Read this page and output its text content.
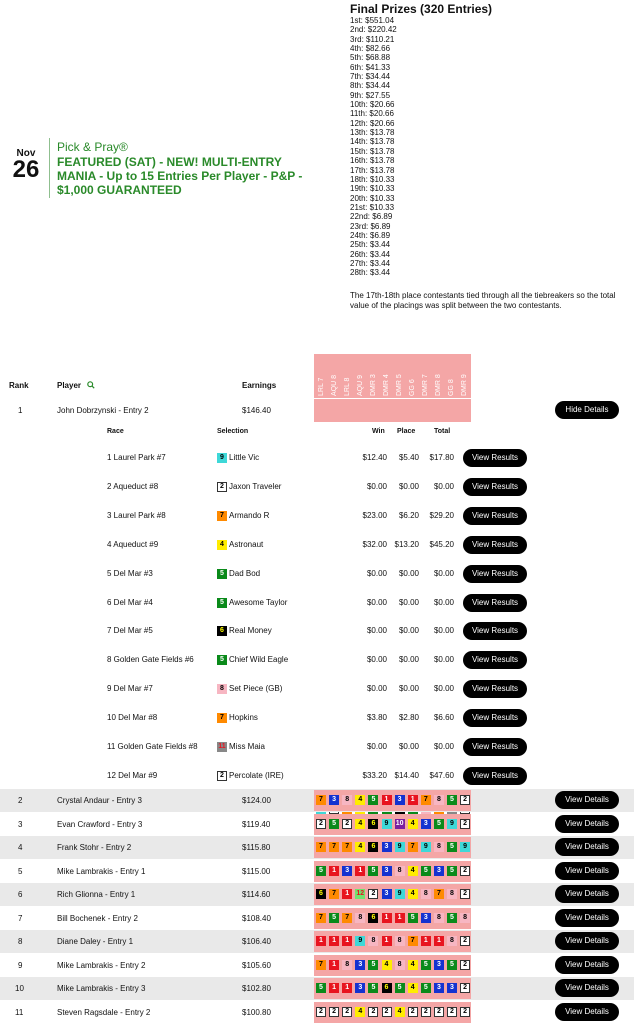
Nov
26
Pick & Pray®
FEATURED (SAT) - NEW! MULTI-ENTRY MANIA - Up to 15 Entries Per Player - P&P - $1,000 GUARANTEED
Final Prizes (320 Entries)
1st: $551.04
2nd: $220.42
3rd: $110.21
4th: $82.66
5th: $68.88
6th: $41.33
7th: $34.44
8th: $34.44
9th: $27.55
10th: $20.66
11th: $20.66
12th: $20.66
13th: $13.78
14th: $13.78
15th: $13.78
16th: $13.78
17th: $13.78
18th: $10.33
19th: $10.33
20th: $10.33
21st: $10.33
22nd: $6.89
23rd: $6.89
24th: $6.89
25th: $3.44
26th: $3.44
27th: $3.44
28th: $3.44
The 17th-18th place contestants tied through all the tiebreakers so the total value of the placings was split between the two contestants.
Rank	Player	Earnings	LRL 7 AQU 8 LRL 8 AQU 9 DMR 3 DMR 4 DMR 5 GG 6 DMR 7 DMR 8 GG 8 DMR 9
1	John Dobrzynski - Entry 2	$146.40	Hide Details
Race	Selection	Win Place	Total
1 Laurel Park #7	9 Little Vic	$12.40 $5.40 $17.80	View Results
2 Aqueduct #8	2 Jaxon Traveler	$0.00 $0.00 $0.00	View Results
3 Laurel Park #8	7 Armando R	$23.00 $6.20 $29.20	View Results
4 Aqueduct #9	4 Astronaut	$32.00 $13.20 $45.20	View Results
5 Del Mar #3	5 Dad Bod	$0.00 $0.00 $0.00	View Results
6 Del Mar #4	5 Awesome Taylor	$0.00 $0.00 $0.00	View Results
7 Del Mar #5	6 Real Money	$0.00 $0.00 $0.00	View Results
8 Golden Gate Fields #6	5 Chief Wild Eagle	$0.00 $0.00 $0.00	View Results
9 Del Mar #7	8 Set Piece (GB)	$0.00 $0.00 $0.00	View Results
10 Del Mar #8	7 Hopkins	$3.80 $2.80 $6.60	View Results
11 Golden Gate Fields #8	11 Miss Maia	$0.00 $0.00 $0.00	View Results
12 Del Mar #9	2 Percolate (IRE)	$33.20 $14.40 $47.60	View Results
2	Crystal Andaur - Entry 3	$124.00	7	3	8	4	5	1	3	1	7	8	5	2	View Details
3	Evan Crawford - Entry 3	$119.40	2	5	2	4	6	9	10	4	3	5	9	2	View Details
4	Frank Stohr - Entry 2	$115.80	7	7	7	4	6	3	9	7	9	8	5	9	View Details
5	Mike Lambrakis - Entry 1	$115.00	5	1	3	1	5	3	8	4	5	3	5	2	View Details
6	Rich Glionna - Entry 1	$114.60	6	7	1	12	2	3	9	4	8	7	8	2	View Details
7	Bill Bochenek - Entry 2	$108.40	7	5	7	8	6	1	1	5	3	8	5	8	View Details
8	Diane Daley - Entry 1	$106.40	1	1	1	9	8	1	8	7	1	1	8	2	View Details
9	Mike Lambrakis - Entry 2	$105.60	7	1	8	3	5	4	8	4	5	3	5	2	View Details
10	Mike Lambrakis - Entry 3	$102.80	5	1	1	3	5	6	5	4	5	3	3	2	View Details
11	Steven Ragsdale - Entry 2	$100.80	2	2	2	4	2	2	4	2	2	2	2	2	View Details
